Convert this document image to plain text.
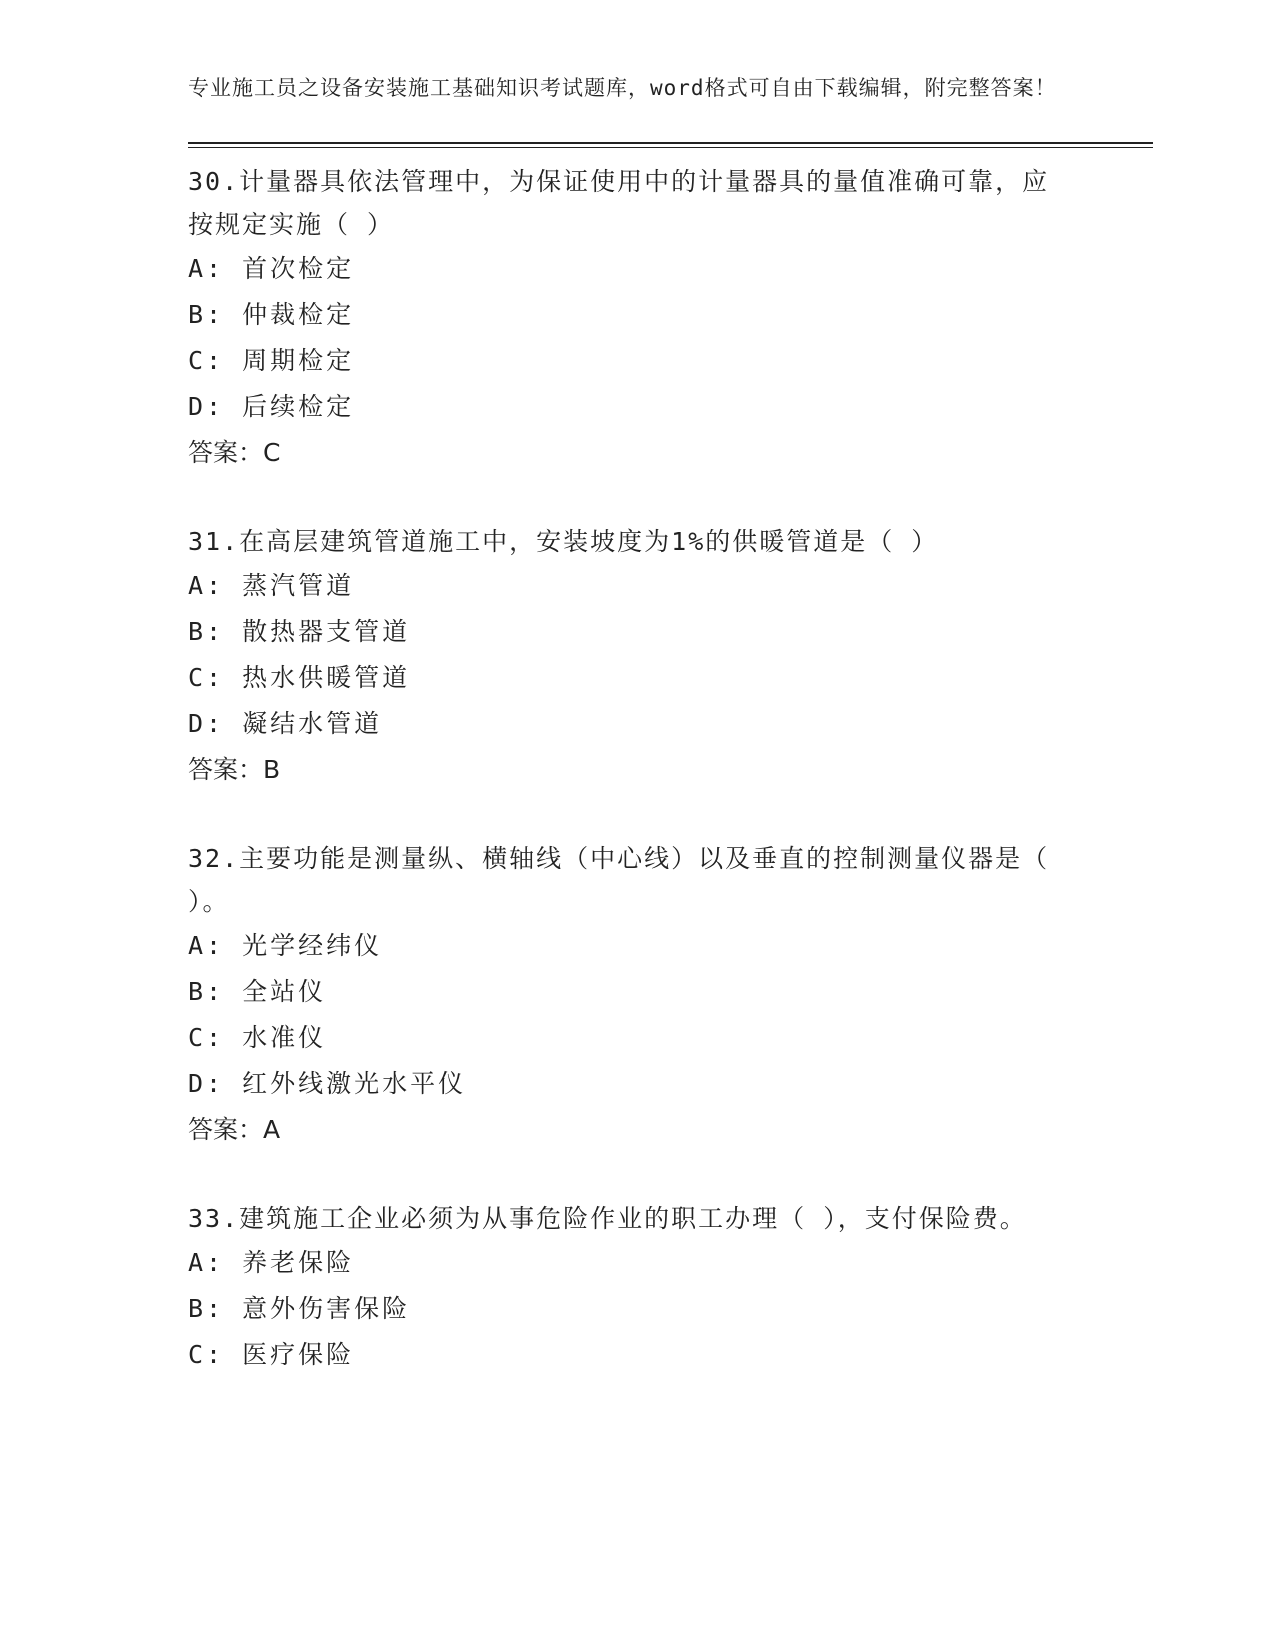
专业施工员之设备安装施工基础知识考试题库，word格式可自由下载编辑，附完整答案！

30.计量器具依法管理中，为保证使用中的计量器具的量值准确可靠，应按规定实施（ ）

A: 首次检定

B: 仲裁检定

C: 周期检定

D: 后续检定

答案：C

31.在高层建筑管道施工中，安装坡度为1%的供暖管道是（ ）

A: 蒸汽管道

B: 散热器支管道

C: 热水供暖管道

D: 凝结水管道

答案：B

32.主要功能是测量纵、横轴线（中心线）以及垂直的控制测量仪器是（ ）。

A: 光学经纬仪

B: 全站仪

C: 水准仪

D: 红外线激光水平仪

答案：A

33.建筑施工企业必须为从事危险作业的职工办理（ ），支付保险费。

A: 养老保险

B: 意外伤害保险

C: 医疗保险
